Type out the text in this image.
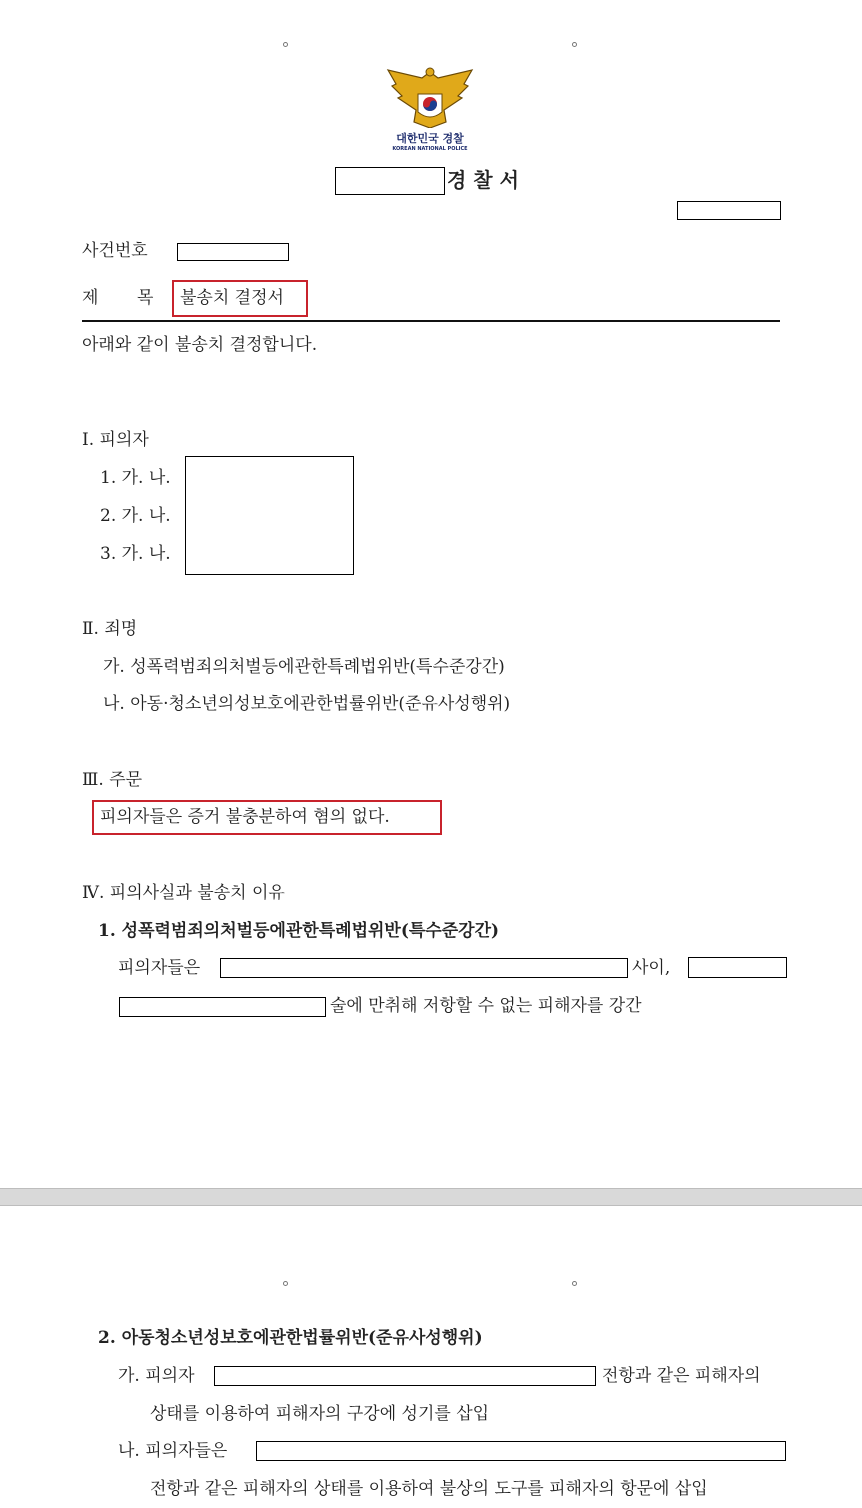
대한민국 경찰
KOREAN NATIONAL POLICE
경 찰 서
사건번호
제 목 불송치 결정서
아래와 같이 불송치 결정합니다.
Ⅰ. 피의자
1. 가. 나.
2. 가. 나.
3. 가. 나.
Ⅱ. 죄명
가. 성폭력범죄의처벌등에관한특례법위반(특수준강간)
나. 아동·청소년의성보호에관한법률위반(준유사성행위)
Ⅲ. 주문
피의자들은 증거 불충분하여 혐의 없다.
Ⅳ. 피의사실과 불송치 이유
1. 성폭력범죄의처벌등에관한특례법위반(특수준강간)
피의자들은	사이,
술에 만취해 저항할 수 없는 피해자를 강간
2. 아동청소년성보호에관한법률위반(준유사성행위)
가. 피의자	전항과 같은 피해자의
상태를 이용하여 피해자의 구강에 성기를 삽입
나. 피의자들은
전항과 같은 피해자의 상태를 이용하여 불상의 도구를 피해자의 항문에 삽입
